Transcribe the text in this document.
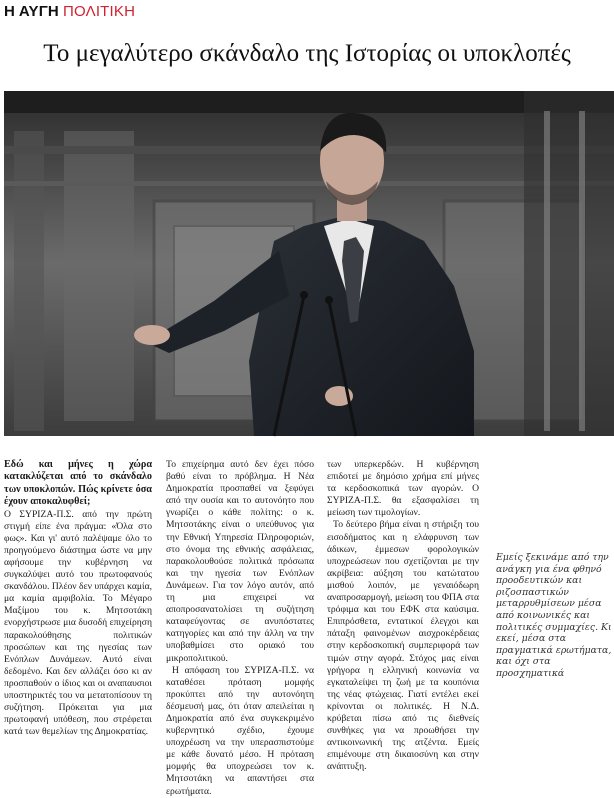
Η ΑΥΓΗ ΠΟΛΙΤΙΚΗ
Το μεγαλύτερο σκάνδαλο της Ιστορίας οι υποκλοπές

Εδώ και μήνες η χώρα κατακλύζεται από το σκάνδαλο των υποκλοπών. Πώς κρίνετε όσα έχουν αποκαλυφθεί;

Ο ΣΥΡΙΖΑ-Π.Σ. από την πρώτη στιγμή είπε ένα πράγμα: «Όλα στο φως». Και γι' αυτό παλέψαμε όλο το προηγούμενο διάστημα ώστε να μην αφήσουμε την κυβέρνηση να συγκαλύψει αυτό του πρωτοφανούς σκανδάλου. Πλέον δεν υπάρχει καμία, μα καμία αμφιβολία. Το Μέγαρο Μαξίμου του κ. Μητσοτάκη ενορχήστρωσε μια δυσοδή επιχείρηση παρακολούθησης πολιτικών προσώπων και της ηγεσίας των Ενόπλων Δυνάμεων. Αυτό είναι δεδομένο. Και δεν αλλάζει όσο κι αν προσπαθούν ο ίδιος και οι αναπαυσιοι υποστηρικτές του να μετατοπίσουν τη συζήτηση. Πρόκειται για μια πρωτοφανή υπόθεση, που στρέφεται κατά των θεμελίων της Δημοκρατίας.

Το επιχείρημα αυτό δεν έχει πόσο βαθύ είναι το πρόβλημα. Η Νέα Δημοκρατία προσπαθεί να ξεφύγει από την ουσία και το αυτονόητο που γνωρίζει ο κάθε πολίτης: ο κ. Μητσοτάκης είναι ο υπεύθυνος για την Εθνική Υπηρεσία Πληροφοριών, στο όνομα της εθνικής ασφάλειας, παρακολουθούσε πολιτικά πρόσωπα και την ηγεσία των Ενόπλων Δυνάμεων. Για τον λόγο αυτόν, από τη μια επιχειρεί να αποπροσανατολίσει τη συζήτηση καταφεύγοντας σε ανυπόστατες κατηγορίες και από την άλλη να την υποβαθμίσει στο οριακό του μικροπολιτικού.

Η απόφαση του ΣΥΡΙΖΑ-Π.Σ. να καταθέσει πρόταση μομφής προκύπτει από την αυτονόητη δέσμευσή μας, ότι όταν απειλείται η Δημοκρατία από ένα συγκεκριμένο κυβερνητικό σχέδιο, έχουμε υποχρέωση να την υπερασπιστούμε με κάθε δυνατό μέσο. Η πρόταση μομφής θα υποχρεώσει τον κ. Μητσοτάκη να απαντήσει στα ερωτήματα.

των υπερκερδών. Η κυβέρνηση επιδοτεί με δημόσιο χρήμα επί μήνες τα κερδοσκοπικά των αγορών. Ο ΣΥΡΙΖΑ-Π.Σ. θα εξασφαλίσει τη μείωση των τιμολογίων.

Το δεύτερο βήμα είναι η στήριξη του εισοδήματος και η ελάφρυνση των άδικων, έμμεσων φορολογικών υποχρεώσεων που σχετίζονται με την ακρίβεια: αύξηση του κατώτατου μισθού λοιπόν, με γεναιόδωρη αναπροσαρμογή, μείωση του ΦΠΑ στα τρόφιμα και του ΕΦΚ στα καύσιμα. Επιπρόσθετα, εντατικοί έλεγχοι και πάταξη φαινομένων αισχροκέρδειας στην κερδοσκοπική συμπεριφορά των τιμών στην αγορά. Στόχος μας είναι γρήγορα η ελληνική κοινωνία να εγκαταλείψει τη ζωή με τα κουπόνια της νέας φτώχειας. Γιατί εντέλει εκεί κρίνονται οι πολιτικές. Η Ν.Δ. κρύβεται πίσω από τις διεθνείς συνθήκες για να προωθήσει την αντικοινωνική της ατζέντα. Εμείς επιμένουμε στη δικαιοσύνη και στην ανάπτυξη.

Εμείς ξεκινάμε από την ανάγκη για ένα φθηνό προοδευτικών και ριζοσπαστικών μεταρρυθμίσεων μέσα από κοινωνικές και πολιτικές συμμαχίες. Κι εκεί, μέσα στα πραγματικά ερωτήματα, και όχι στα προσχηματικά
